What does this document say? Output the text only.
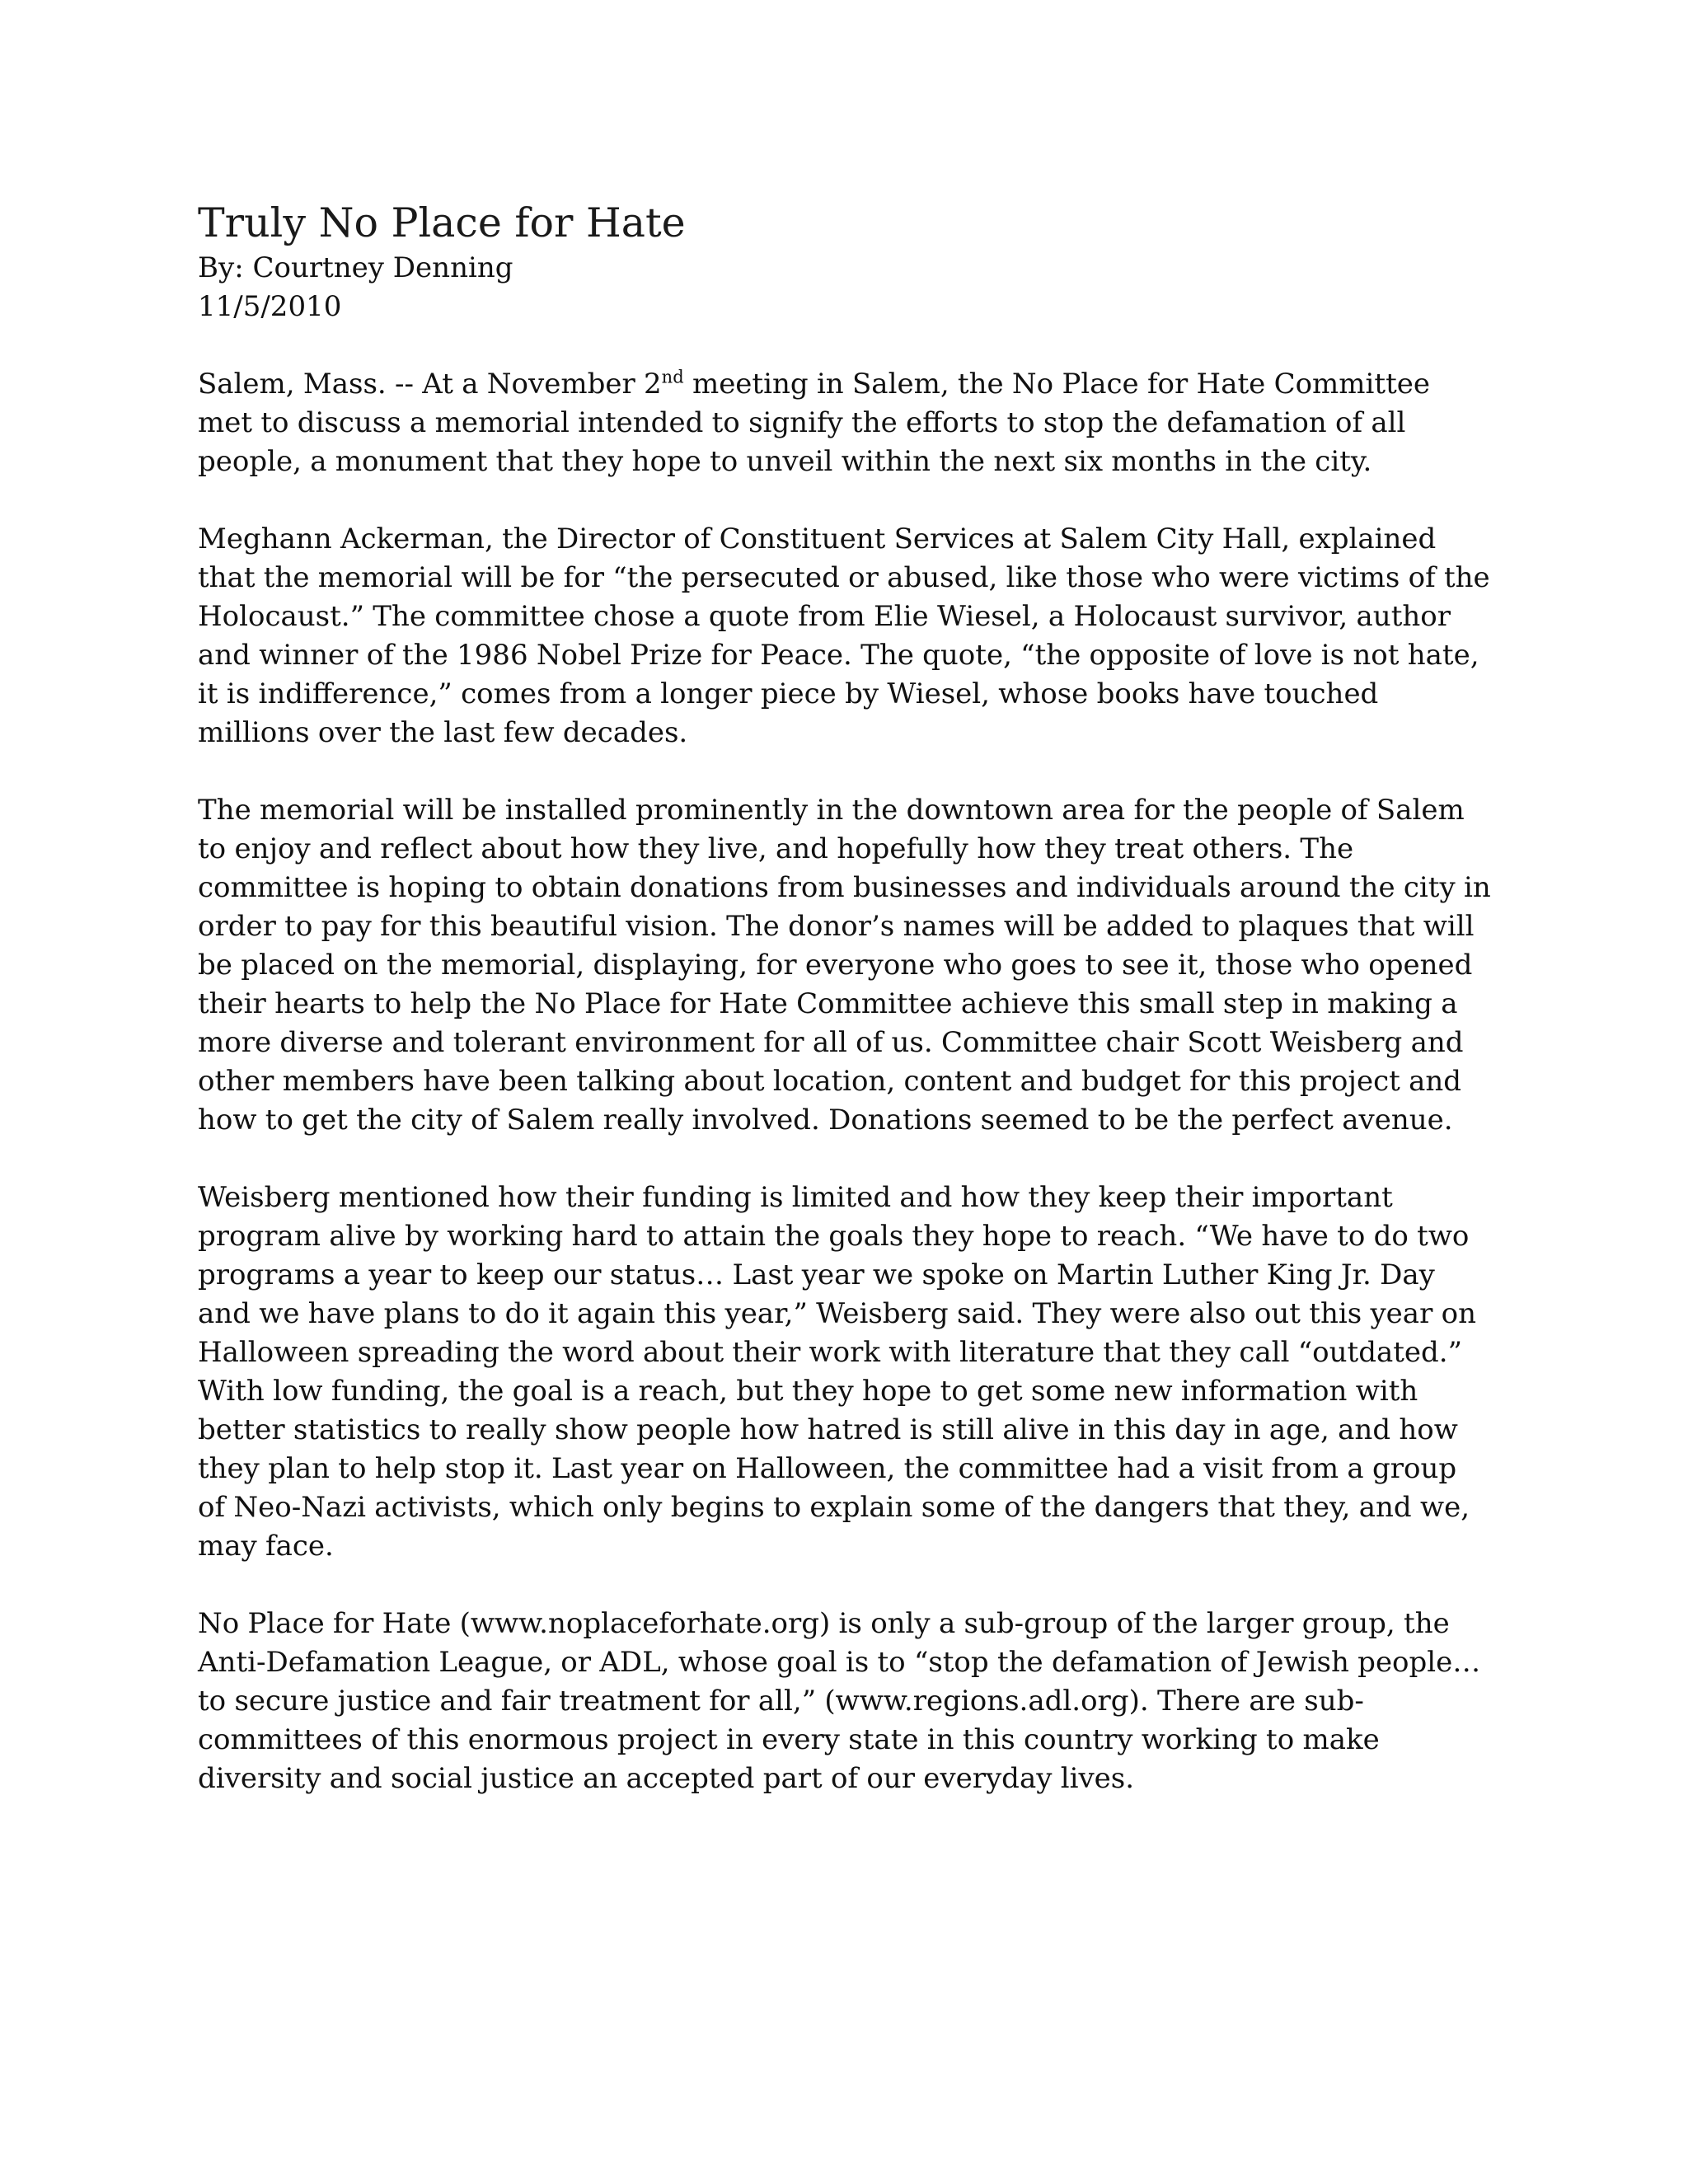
Truly No Place for Hate

By: Courtney Denning

11/5/2010

Salem, Mass. -- At a November 2nd meeting in Salem, the No Place for Hate Committee met to discuss a memorial intended to signify the efforts to stop the defamation of all people, a monument that they hope to unveil within the next six months in the city.

Meghann Ackerman, the Director of Constituent Services at Salem City Hall, explained that the memorial will be for “the persecuted or abused, like those who were victims of the Holocaust.” The committee chose a quote from Elie Wiesel, a Holocaust survivor, author and winner of the 1986 Nobel Prize for Peace. The quote, “the opposite of love is not hate, it is indifference,” comes from a longer piece by Wiesel, whose books have touched millions over the last few decades.

The memorial will be installed prominently in the downtown area for the people of Salem to enjoy and reflect about how they live, and hopefully how they treat others. The committee is hoping to obtain donations from businesses and individuals around the city in order to pay for this beautiful vision. The donor’s names will be added to plaques that will be placed on the memorial, displaying, for everyone who goes to see it, those who opened their hearts to help the No Place for Hate Committee achieve this small step in making a more diverse and tolerant environment for all of us. Committee chair Scott Weisberg and other members have been talking about location, content and budget for this project and how to get the city of Salem really involved. Donations seemed to be the perfect avenue.

Weisberg mentioned how their funding is limited and how they keep their important program alive by working hard to attain the goals they hope to reach. “We have to do two programs a year to keep our status… Last year we spoke on Martin Luther King Jr. Day and we have plans to do it again this year,” Weisberg said. They were also out this year on Halloween spreading the word about their work with literature that they call “outdated.” With low funding, the goal is a reach, but they hope to get some new information with better statistics to really show people how hatred is still alive in this day in age, and how they plan to help stop it. Last year on Halloween, the committee had a visit from a group of Neo-Nazi activists, which only begins to explain some of the dangers that they, and we, may face.

No Place for Hate (www.noplaceforhate.org) is only a sub-group of the larger group, the Anti-Defamation League, or ADL, whose goal is to “stop the defamation of Jewish people… to secure justice and fair treatment for all,” (www.regions.adl.org). There are sub-committees of this enormous project in every state in this country working to make diversity and social justice an accepted part of our everyday lives.
